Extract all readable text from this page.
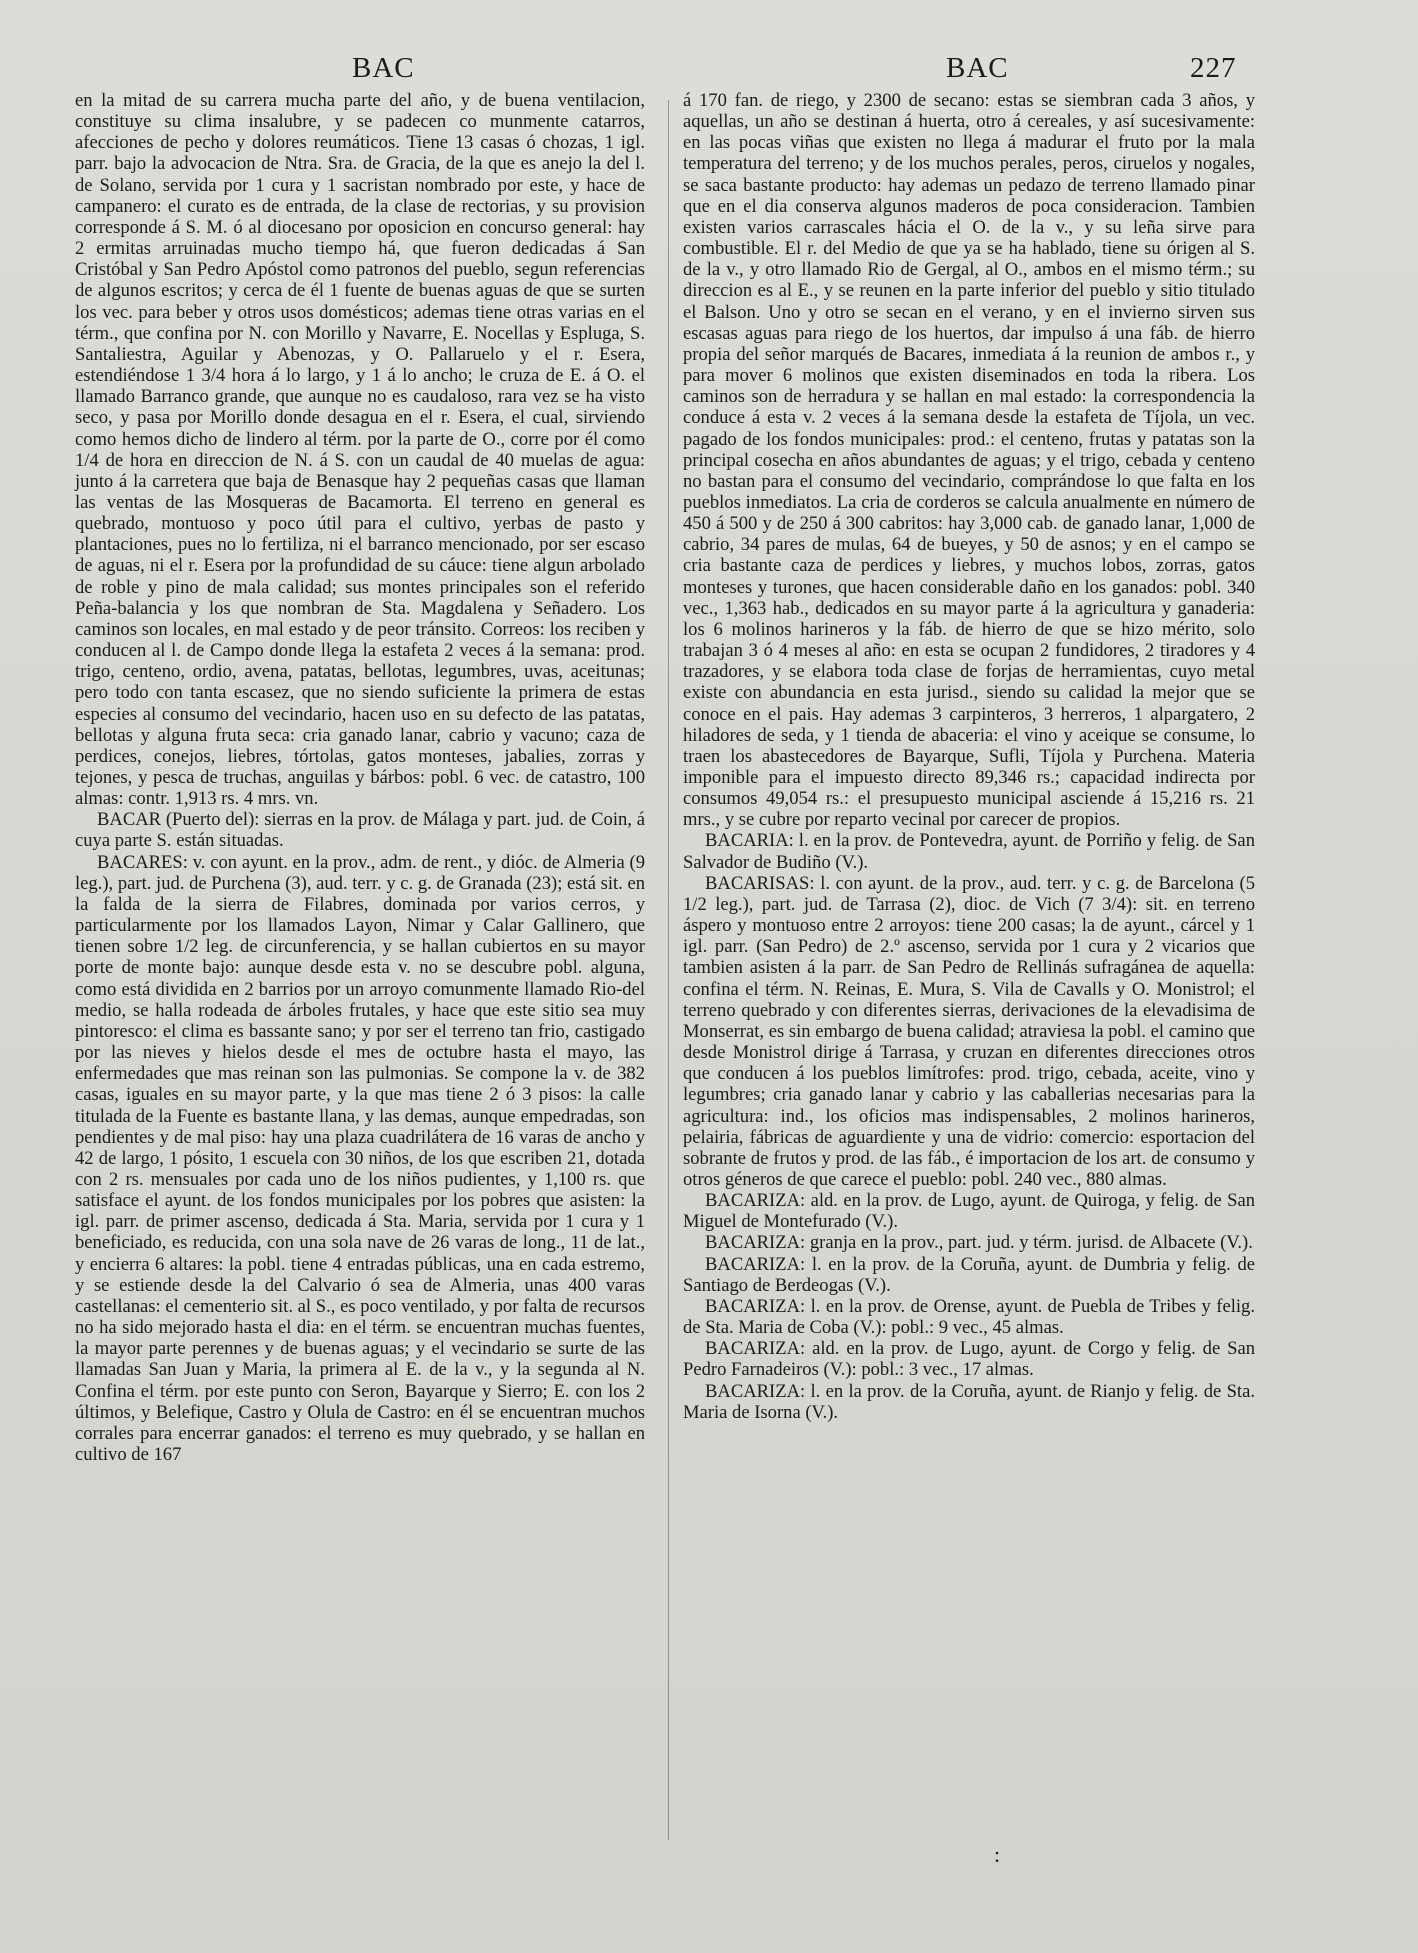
BAC	BAC	227

en la mitad de su carrera mucha parte del año, y de buena ventilacion, constituye su clima insalubre, y se padecen co munmente catarros, afecciones de pecho y dolores reumáticos. Tiene 13 casas ó chozas, 1 igl. parr. bajo la advocacion de Ntra. Sra. de Gracia, de la que es anejo la del l. de Solano, servida por 1 cura y 1 sacristan nombrado por este, y hace de campanero: el curato es de entrada, de la clase de rectorias, y su provision corresponde á S. M. ó al diocesano por oposicion en concurso general: hay 2 ermitas arruinadas mucho tiempo há, que fueron dedicadas á San Cristóbal y San Pedro Apóstol como patronos del pueblo, segun referencias de algunos escritos; y cerca de él 1 fuente de buenas aguas de que se surten los vec. para beber y otros usos domésticos; ademas tiene otras varias en el térm., que confina por N. con Morillo y Navarre, E. Nocellas y Espluga, S. Santaliestra, Aguilar y Abenozas, y O. Pallaruelo y el r. Esera, estendiéndose 1 3/4 hora á lo largo, y 1 á lo ancho; le cruza de E. á O. el llamado Barranco grande, que aunque no es caudaloso, rara vez se ha visto seco, y pasa por Morillo donde desagua en el r. Esera, el cual, sirviendo como hemos dicho de lindero al térm. por la parte de O., corre por él como 1/4 de hora en direccion de N. á S. con un caudal de 40 muelas de agua: junto á la carretera que baja de Benasque hay 2 pequeñas casas que llaman las ventas de las Mosqueras de Bacamorta. El terreno en general es quebrado, montuoso y poco útil para el cultivo, yerbas de pasto y plantaciones, pues no lo fertiliza, ni el barranco mencionado, por ser escaso de aguas, ni el r. Esera por la profundidad de su cáuce: tiene algun arbolado de roble y pino de mala calidad; sus montes principales son el referido Peña-balancia y los que nombran de Sta. Magdalena y Señadero. Los caminos son locales, en mal estado y de peor tránsito. Correos: los reciben y conducen al l. de Campo donde llega la estafeta 2 veces á la semana: prod. trigo, centeno, ordio, avena, patatas, bellotas, legumbres, uvas, aceitunas; pero todo con tanta escasez, que no siendo suficiente la primera de estas especies al consumo del vecindario, hacen uso en su defecto de las patatas, bellotas y alguna fruta seca: cria ganado lanar, cabrio y vacuno; caza de perdices, conejos, liebres, tórtolas, gatos monteses, jabalies, zorras y tejones, y pesca de truchas, anguilas y bárbos: pobl. 6 vec. de catastro, 100 almas: contr. 1,913 rs. 4 mrs. vn.

BACAR (Puerto del): sierras en la prov. de Málaga y part. jud. de Coin, á cuya parte S. están situadas.

BACARES: v. con ayunt. en la prov., adm. de rent., y dióc. de Almeria (9 leg.), part. jud. de Purchena (3), aud. terr. y c. g. de Granada (23); está sit. en la falda de la sierra de Filabres, dominada por varios cerros, y particularmente por los llamados Layon, Nimar y Calar Gallinero, que tienen sobre 1/2 leg. de circunferencia, y se hallan cubiertos en su mayor porte de monte bajo: aunque desde esta v. no se descubre pobl. alguna, como está dividida en 2 barrios por un arroyo comunmente llamado Rio-del medio, se halla rodeada de árboles frutales, y hace que este sitio sea muy pintoresco: el clima es bassante sano; y por ser el terreno tan frio, castigado por las nieves y hielos desde el mes de octubre hasta el mayo, las enfermedades que mas reinan son las pulmonias. Se compone la v. de 382 casas, iguales en su mayor parte, y la que mas tiene 2 ó 3 pisos: la calle titulada de la Fuente es bastante llana, y las demas, aunque empedradas, son pendientes y de mal piso: hay una plaza cuadrilátera de 16 varas de ancho y 42 de largo, 1 pósito, 1 escuela con 30 niños, de los que escriben 21, dotada con 2 rs. mensuales por cada uno de los niños pudientes, y 1,100 rs. que satisface el ayunt. de los fondos municipales por los pobres que asisten: la igl. parr. de primer ascenso, dedicada á Sta. Maria, servida por 1 cura y 1 beneficiado, es reducida, con una sola nave de 26 varas de long., 11 de lat., y encierra 6 altares: la pobl. tiene 4 entradas públicas, una en cada estremo, y se estiende desde la del Calvario ó sea de Almeria, unas 400 varas castellanas: el cementerio sit. al S., es poco ventilado, y por falta de recursos no ha sido mejorado hasta el dia: en el térm. se encuentran muchas fuentes, la mayor parte perennes y de buenas aguas; y el vecindario se surte de las llamadas San Juan y Maria, la primera al E. de la v., y la segunda al N. Confina el térm. por este punto con Seron, Bayarque y Sierro; E. con los 2 últimos, y Belefique, Castro y Olula de Castro: en él se encuentran muchos corrales para encerrar ganados: el terreno es muy quebrado, y se hallan en cultivo de 167

á 170 fan. de riego, y 2300 de secano: estas se siembran cada 3 años, y aquellas, un año se destinan á huerta, otro á cereales, y así sucesivamente: en las pocas viñas que existen no llega á madurar el fruto por la mala temperatura del terreno; y de los muchos perales, peros, ciruelos y nogales, se saca bastante producto: hay ademas un pedazo de terreno llamado pinar que en el dia conserva algunos maderos de poca consideracion. Tambien existen varios carrascales hácia el O. de la v., y su leña sirve para combustible. El r. del Medio de que ya se ha hablado, tiene su órigen al S. de la v., y otro llamado Rio de Gergal, al O., ambos en el mismo térm.; su direccion es al E., y se reunen en la parte inferior del pueblo y sitio titulado el Balson. Uno y otro se secan en el verano, y en el invierno sirven sus escasas aguas para riego de los huertos, dar impulso á una fáb. de hierro propia del señor marqués de Bacares, inmediata á la reunion de ambos r., y para mover 6 molinos que existen diseminados en toda la ribera. Los caminos son de herradura y se hallan en mal estado: la correspondencia la conduce á esta v. 2 veces á la semana desde la estafeta de Tíjola, un vec. pagado de los fondos municipales: prod.: el centeno, frutas y patatas son la principal cosecha en años abundantes de aguas; y el trigo, cebada y centeno no bastan para el consumo del vecindario, comprándose lo que falta en los pueblos inmediatos. La cria de corderos se calcula anualmente en número de 450 á 500 y de 250 á 300 cabritos: hay 3,000 cab. de ganado lanar, 1,000 de cabrio, 34 pares de mulas, 64 de bueyes, y 50 de asnos; y en el campo se cria bastante caza de perdices y liebres, y muchos lobos, zorras, gatos monteses y turones, que hacen considerable daño en los ganados: pobl. 340 vec., 1,363 hab., dedicados en su mayor parte á la agricultura y ganaderia: los 6 molinos harineros y la fáb. de hierro de que se hizo mérito, solo trabajan 3 ó 4 meses al año: en esta se ocupan 2 fundidores, 2 tiradores y 4 trazadores, y se elabora toda clase de forjas de herramientas, cuyo metal existe con abundancia en esta jurisd., siendo su calidad la mejor que se conoce en el pais. Hay ademas 3 carpinteros, 3 herreros, 1 alpargatero, 2 hiladores de seda, y 1 tienda de abaceria: el vino y aceique se consume, lo traen los abastecedores de Bayarque, Sufli, Tíjola y Purchena. Materia imponible para el impuesto directo 89,346 rs.; capacidad indirecta por consumos 49,054 rs.: el presupuesto municipal asciende á 15,216 rs. 21 mrs., y se cubre por reparto vecinal por carecer de propios.

BACARIA: l. en la prov. de Pontevedra, ayunt. de Porriño y felig. de San Salvador de Budiño (V.).

BACARISAS: l. con ayunt. de la prov., aud. terr. y c. g. de Barcelona (5 1/2 leg.), part. jud. de Tarrasa (2), dioc. de Vich (7 3/4): sit. en terreno áspero y montuoso entre 2 arroyos: tiene 200 casas; la de ayunt., cárcel y 1 igl. parr. (San Pedro) de 2.º ascenso, servida por 1 cura y 2 vicarios que tambien asisten á la parr. de San Pedro de Rellinás sufragánea de aquella: confina el térm. N. Reinas, E. Mura, S. Vila de Cavalls y O. Monistrol; el terreno quebrado y con diferentes sierras, derivaciones de la elevadisima de Monserrat, es sin embargo de buena calidad; atraviesa la pobl. el camino que desde Monistrol dirige á Tarrasa, y cruzan en diferentes direcciones otros que conducen á los pueblos limítrofes: prod. trigo, cebada, aceite, vino y legumbres; cria ganado lanar y cabrio y las caballerias necesarias para la agricultura: ind., los oficios mas indispensables, 2 molinos harineros, pelairia, fábricas de aguardiente y una de vidrio: comercio: esportacion del sobrante de frutos y prod. de las fáb., é importacion de los art. de consumo y otros géneros de que carece el pueblo: pobl. 240 vec., 880 almas.

BACARIZA: ald. en la prov. de Lugo, ayunt. de Quiroga, y felig. de San Miguel de Montefurado (V.).

BACARIZA: granja en la prov., part. jud. y térm. jurisd. de Albacete (V.).

BACARIZA: l. en la prov. de la Coruña, ayunt. de Dumbria y felig. de Santiago de Berdeogas (V.).

BACARIZA: l. en la prov. de Orense, ayunt. de Puebla de Tribes y felig. de Sta. Maria de Coba (V.): pobl.: 9 vec., 45 almas.

BACARIZA: ald. en la prov. de Lugo, ayunt. de Corgo y felig. de San Pedro Farnadeiros (V.): pobl.: 3 vec., 17 almas.

BACARIZA: l. en la prov. de la Coruña, ayunt. de Rianjo y felig. de Sta. Maria de Isorna (V.).

:
